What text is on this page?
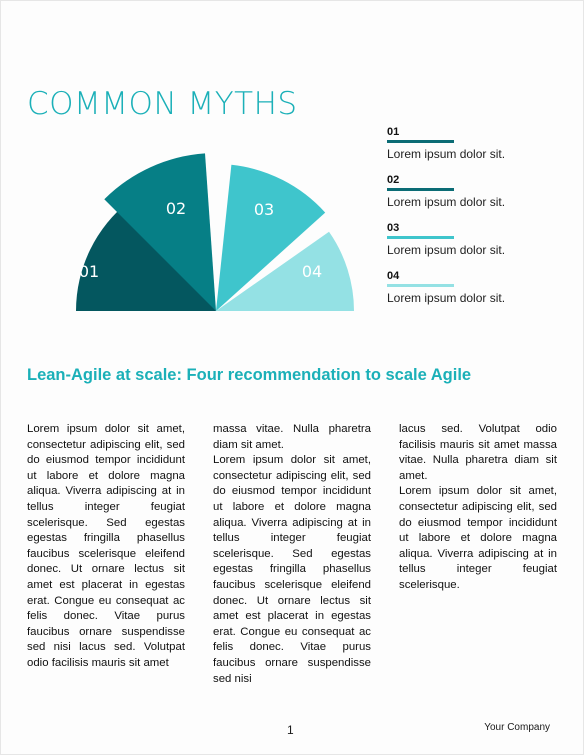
COMMON MYTHS
01
02	03
04
01
Lorem ipsum dolor sit.
02
Lorem ipsum dolor sit.
03
Lorem ipsum dolor sit.
04
Lorem ipsum dolor sit.
Lean-Agile at scale: Four recommendation to scale Agile

Lorem ipsum dolor sit amet, consectetur adipiscing elit, sed do eiusmod tempor incididunt ut labore et dolore magna aliqua. Viverra adipiscing at in tellus integer feugiat scelerisque. Sed egestas egestas fringilla phasellus faucibus scelerisque eleifend donec. Ut ornare lectus sit amet est placerat in egestas erat. Congue eu consequat ac felis donec. Vitae purus faucibus ornare suspendisse sed nisi lacus sed. Volutpat odio facilisis mauris sit amet

massa vitae. Nulla pharetra diam sit amet.

Lorem ipsum dolor sit amet, consectetur adipiscing elit, sed do eiusmod tempor incididunt ut labore et dolore magna aliqua. Viverra adipiscing at in tellus integer feugiat scelerisque. Sed egestas egestas fringilla phasellus faucibus scelerisque eleifend donec. Ut ornare lectus sit amet est placerat in egestas erat. Congue eu consequat ac felis donec. Vitae purus faucibus ornare suspendisse sed nisi

lacus sed. Volutpat odio facilisis mauris sit amet massa vitae. Nulla pharetra diam sit amet.

Lorem ipsum dolor sit amet, consectetur adipiscing elit, sed do eiusmod tempor incididunt ut labore et dolore magna aliqua. Viverra adipiscing at in tellus integer feugiat scelerisque.

1	Your Company
